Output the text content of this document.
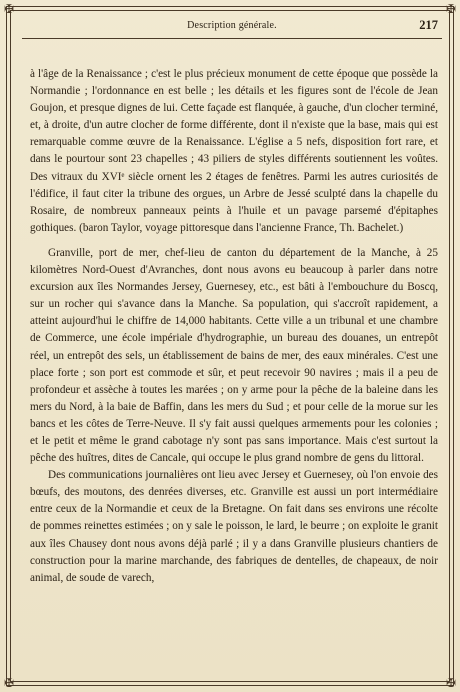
✠	✠
✠	✠
Description générale.	217

à l'âge de la Renaissance ; c'est le plus précieux monument de cette époque que possède la Normandie ; l'ordonnance en est belle ; les détails et les figures sont de l'école de Jean Goujon, et presque dignes de lui. Cette façade est flanquée, à gauche, d'un clocher terminé, et, à droite, d'un autre clocher de forme différente, dont il n'existe que la base, mais qui est remarquable comme œuvre de la Renaissance. L'église a 5 nefs, disposition fort rare, et dans le pourtour sont 23 chapelles ; 43 piliers de styles différents soutiennent les voûtes. Des vitraux du XVIᵉ siècle ornent les 2 étages de fenêtres. Parmi les autres curiosités de l'édifice, il faut citer la tribune des orgues, un Arbre de Jessé sculpté dans la chapelle du Rosaire, de nombreux panneaux peints à l'huile et un pavage parsemé d'épitaphes gothiques. (baron Taylor, voyage pittoresque dans l'ancienne France, Th. Bachelet.)

Granville, port de mer, chef-lieu de canton du département de la Manche, à 25 kilomètres Nord-Ouest d'Avranches, dont nous avons eu beaucoup à parler dans notre excursion aux îles Normandes Jersey, Guernesey, etc., est bâti à l'embouchure du Boscq, sur un rocher qui s'avance dans la Manche. Sa population, qui s'accroît rapidement, a atteint aujourd'hui le chiffre de 14,000 habitants. Cette ville a un tribunal et une chambre de Commerce, une école impériale d'hydrographie, un bureau des douanes, un entrepôt réel, un entrepôt des sels, un établissement de bains de mer, des eaux minérales. C'est une place forte ; son port est commode et sûr, et peut recevoir 90 navires ; mais il a peu de profondeur et assèche à toutes les marées ; on y arme pour la pêche de la baleine dans les mers du Nord, à la baie de Baffin, dans les mers du Sud ; et pour celle de la morue sur les bancs et les côtes de Terre-Neuve. Il s'y fait aussi quelques armements pour les colonies ; et le petit et même le grand cabotage n'y sont pas sans importance. Mais c'est surtout la pêche des huîtres, dites de Cancale, qui occupe le plus grand nombre de gens du littoral.

Des communications journalières ont lieu avec Jersey et Guernesey, où l'on envoie des bœufs, des moutons, des denrées diverses, etc. Granville est aussi un port intermédiaire entre ceux de la Normandie et ceux de la Bretagne. On fait dans ses environs une récolte de pommes reinettes estimées ; on y sale le poisson, le lard, le beurre ; on exploite le granit aux îles Chausey dont nous avons déjà parlé ; il y a dans Granville plusieurs chantiers de construction pour la marine marchande, des fabriques de dentelles, de chapeaux, de noir animal, de soude de varech,
